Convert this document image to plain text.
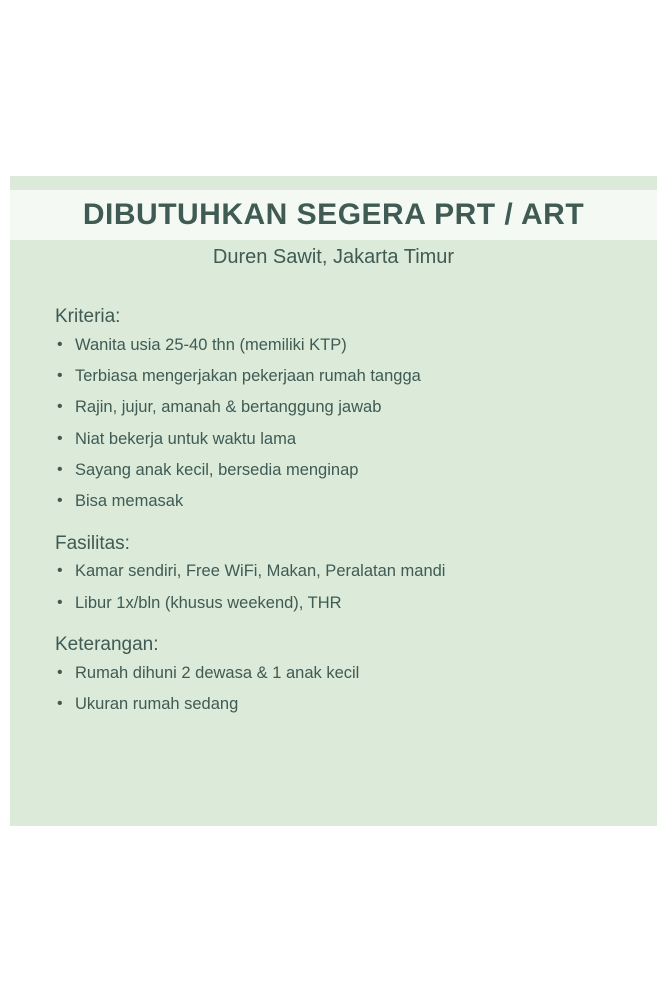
DIBUTUHKAN SEGERA PRT / ART
Duren Sawit, Jakarta Timur
Kriteria:
• Wanita usia 25-40 thn (memiliki KTP)
• Terbiasa mengerjakan pekerjaan rumah tangga
• Rajin, jujur, amanah & bertanggung jawab
• Niat bekerja untuk waktu lama
• Sayang anak kecil, bersedia menginap
• Bisa memasak
Fasilitas:
• Kamar sendiri, Free WiFi, Makan, Peralatan mandi
• Libur 1x/bln (khusus weekend), THR
Keterangan:
• Rumah dihuni 2 dewasa & 1 anak kecil
• Ukuran rumah sedang
